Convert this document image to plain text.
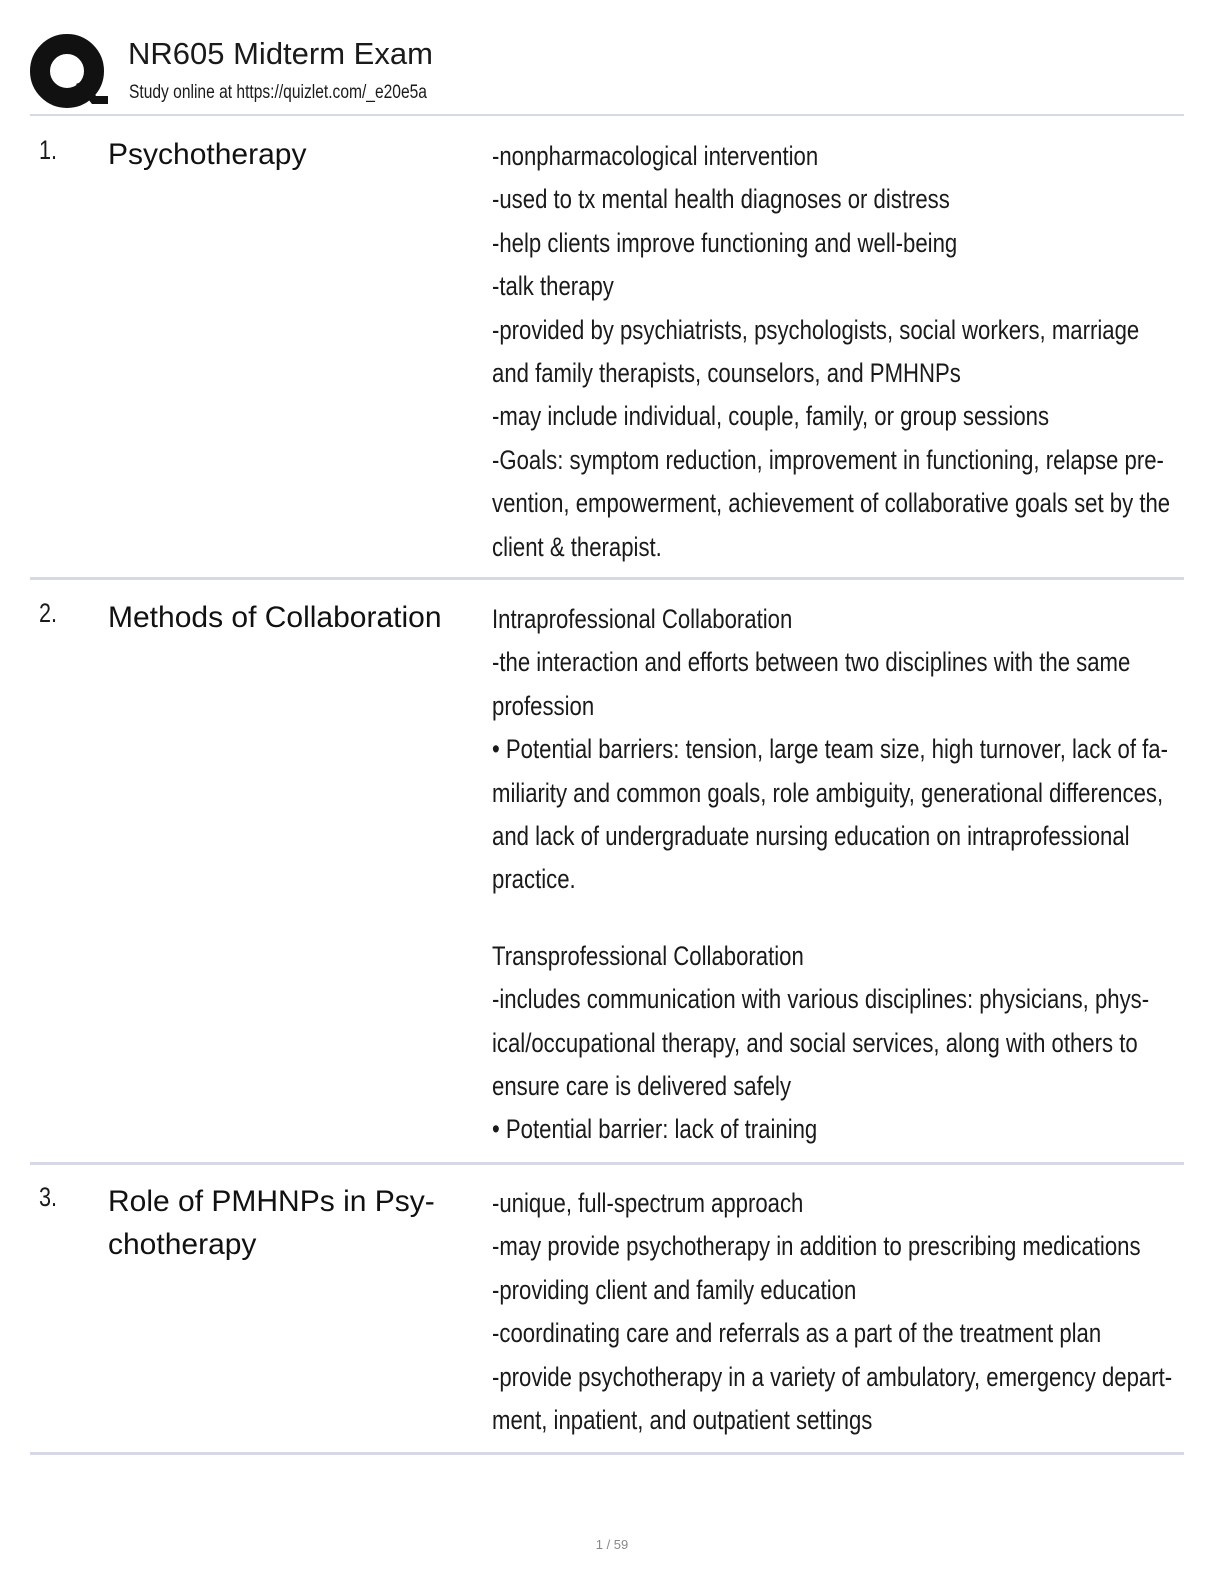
NR605 Midterm Exam
Study online at https://quizlet.com/_e20e5a
1. Psychotherapy	-nonpharmacological intervention
-used to tx mental health diagnoses or distress
-help clients improve functioning and well-being
-talk therapy
-provided by psychiatrists, psychologists, social workers, marriage
and family therapists, counselors, and PMHNPs
-may include individual, couple, family, or group sessions
-Goals: symptom reduction, improvement in functioning, relapse pre-
vention, empowerment, achievement of collaborative goals set by the
client & therapist.
2. Methods of Collaboration	Intraprofessional Collaboration
-the interaction and efforts between two disciplines with the same
profession
• Potential barriers: tension, large team size, high turnover, lack of fa-
miliarity and common goals, role ambiguity, generational differences,
and lack of undergraduate nursing education on intraprofessional
practice.
Transprofessional Collaboration
-includes communication with various disciplines: physicians, phys-
ical/occupational therapy, and social services, along with others to
ensure care is delivered safely
• Potential barrier: lack of training
3. Role of PMHNPs in Psy-
chotherapy
-unique, full-spectrum approach
-may provide psychotherapy in addition to prescribing medications
-providing client and family education
-coordinating care and referrals as a part of the treatment plan
-provide psychotherapy in a variety of ambulatory, emergency depart-
ment, inpatient, and outpatient settings
1 / 59
